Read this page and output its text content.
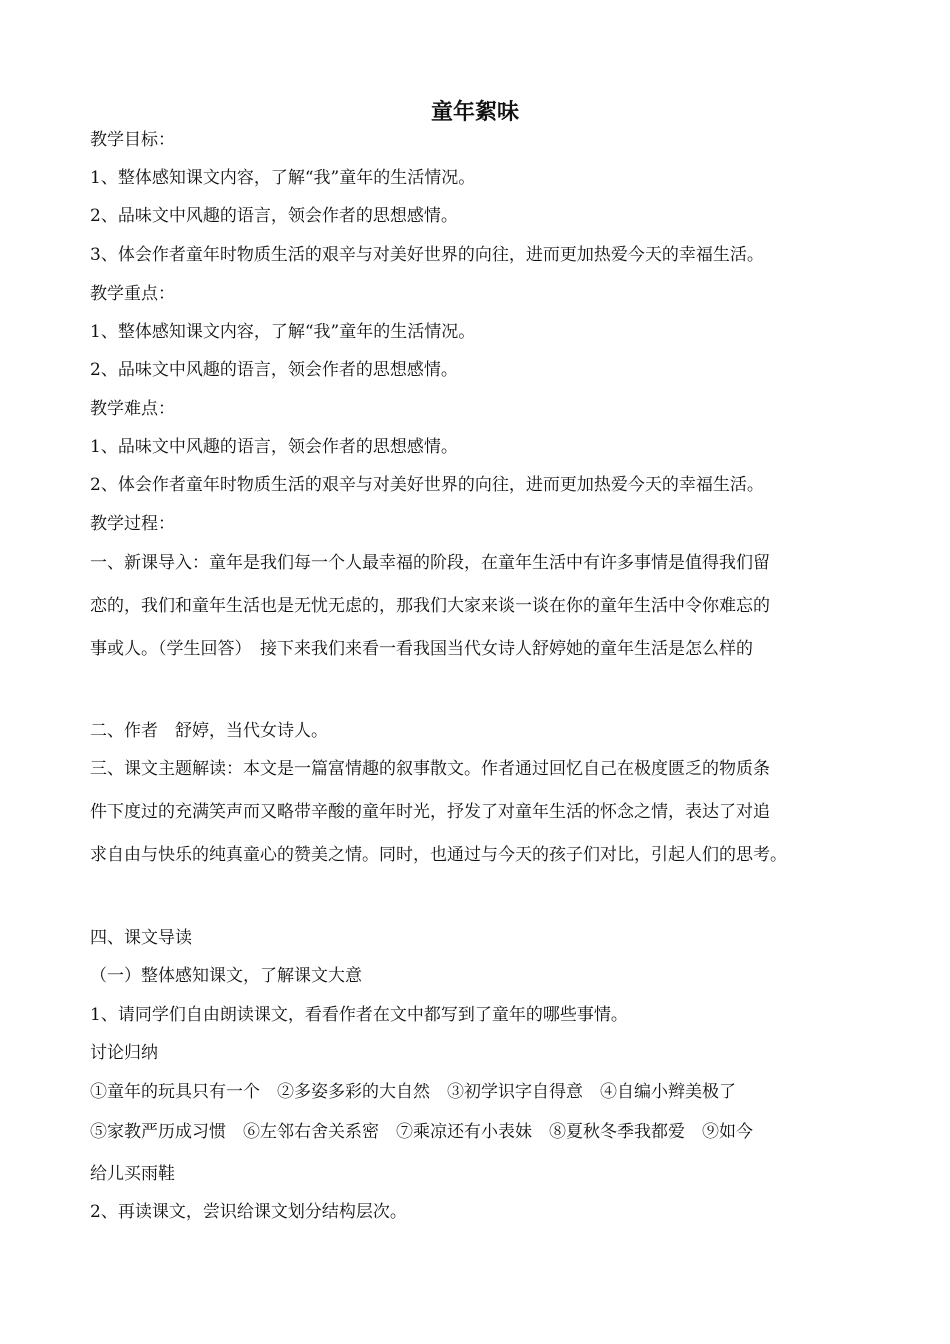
童年絮味
教学目标：
1、整体感知课文内容，了解“我”童年的生活情况。
2、品味文中风趣的语言，领会作者的思想感情。
3、体会作者童年时物质生活的艰辛与对美好世界的向往，进而更加热爱今天的幸福生活。
教学重点：
1、整体感知课文内容，了解“我”童年的生活情况。
2、品味文中风趣的语言，领会作者的思想感情。
教学难点：
1、品味文中风趣的语言，领会作者的思想感情。
2、体会作者童年时物质生活的艰辛与对美好世界的向往，进而更加热爱今天的幸福生活。
教学过程：
一、新课导入：童年是我们每一个人最幸福的阶段，在童年生活中有许多事情是值得我们留
恋的，我们和童年生活也是无忧无虑的，那我们大家来谈一谈在你的童年生活中令你难忘的
事或人。（学生回答）　接下来我们来看一看我国当代女诗人舒婷她的童年生活是怎么样的
二、作者　舒婷，当代女诗人。
三、课文主题解读：本文是一篇富情趣的叙事散文。作者通过回忆自己在极度匮乏的物质条
件下度过的充满笑声而又略带辛酸的童年时光，抒发了对童年生活的怀念之情，表达了对追
求自由与快乐的纯真童心的赞美之情。同时，也通过与今天的孩子们对比，引起人们的思考。
四、课文导读
（一）整体感知课文，了解课文大意
1、请同学们自由朗读课文，看看作者在文中都写到了童年的哪些事情。
讨论归纳
①童年的玩具只有一个　②多姿多彩的大自然　③初学识字自得意　④自编小辫美极了
⑤家教严历成习惯　⑥左邻右舍关系密　⑦乘凉还有小表妹　⑧夏秋冬季我都爱　⑨如今
给儿买雨鞋
2、再读课文，尝识给课文划分结构层次。
